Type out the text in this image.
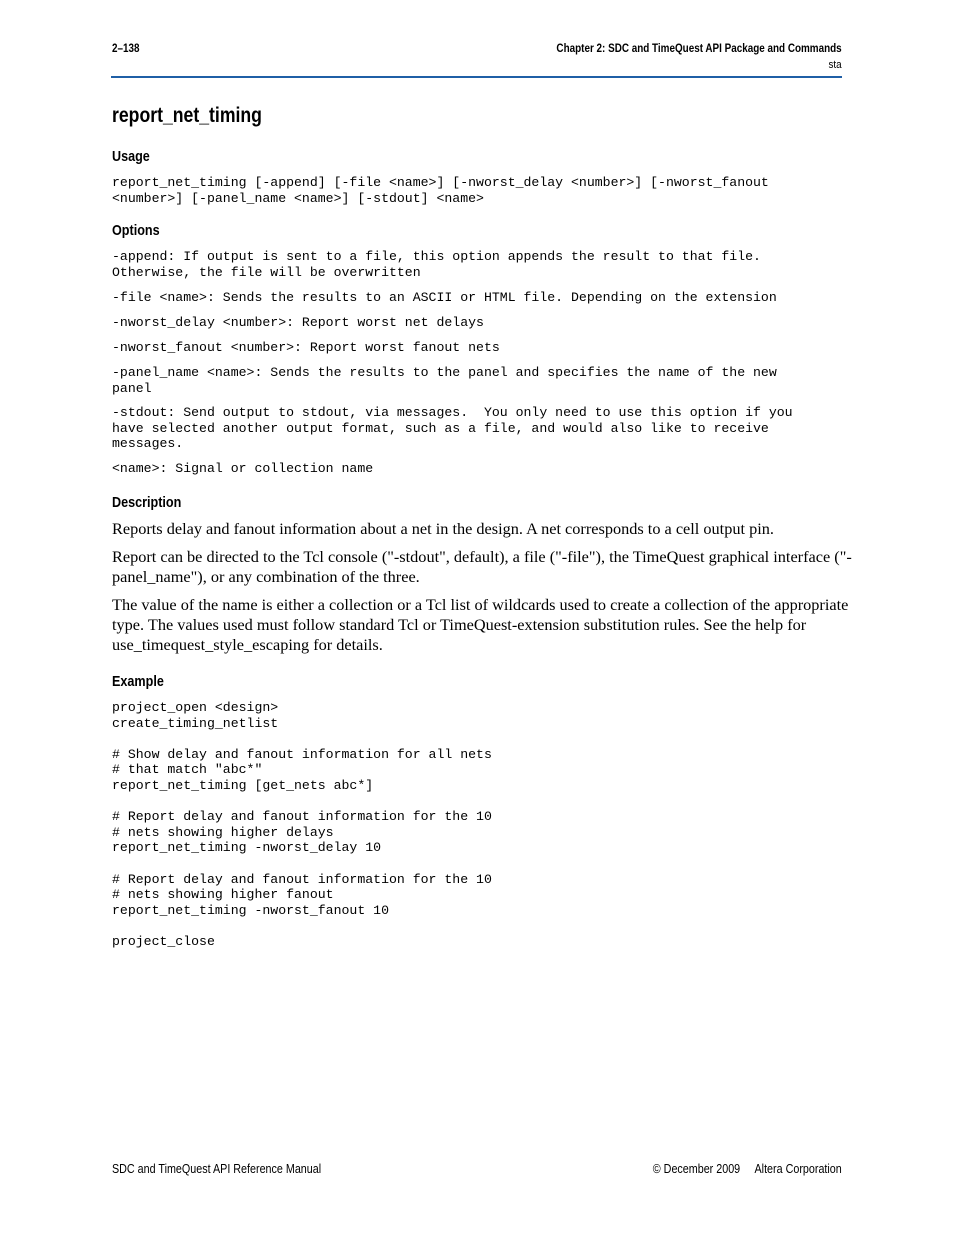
2–138	Chapter 2: SDC and TimeQuest API Package and Commands
sta
report_net_timing
Usage
report_net_timing [-append] [-file <name>] [-nworst_delay <number>] [-nworst_fanout
<number>] [-panel_name <name>] [-stdout] <name>
Options
-append: If output is sent to a file, this option appends the result to that file.
Otherwise, the file will be overwritten
-file <name>: Sends the results to an ASCII or HTML file. Depending on the extension
-nworst_delay <number>: Report worst net delays
-nworst_fanout <number>: Report worst fanout nets
-panel_name <name>: Sends the results to the panel and specifies the name of the new
panel
-stdout: Send output to stdout, via messages.  You only need to use this option if you
have selected another output format, such as a file, and would also like to receive
messages.
<name>: Signal or collection name
Description

Reports delay and fanout information about a net in the design. A net corresponds to a cell output pin.

Report can be directed to the Tcl console ("-stdout", default), a file ("-file"), the TimeQuest graphical interface ("-panel_name"), or any combination of the three.

The value of the name is either a collection or a Tcl list of wildcards used to create a collection of the appropriate type. The values used must follow standard Tcl or TimeQuest-extension substitution rules. See the help for use_timequest_style_escaping for details.

Example
project_open <design>
create_timing_netlist

# Show delay and fanout information for all nets
# that match "abc*"
report_net_timing [get_nets abc*]

# Report delay and fanout information for the 10
# nets showing higher delays
report_net_timing -nworst_delay 10

# Report delay and fanout information for the 10
# nets showing higher fanout
report_net_timing -nworst_fanout 10

project_close
SDC and TimeQuest API Reference Manual	© December 2009 Altera Corporation
